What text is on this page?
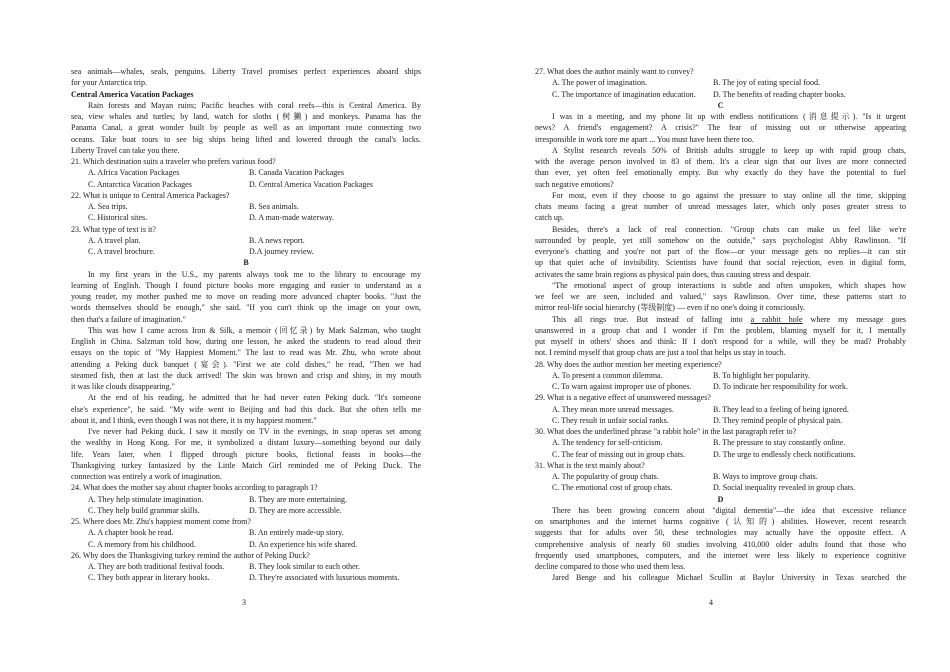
sea animals—whales, seals, penguins. Liberty Travel promises perfect experiences aboard ships
for your Antarctica trip.
Central America Vacation Packages
Rain forests and Mayan ruins; Pacific beaches with coral reefs—this is Central America. By
sea, view whales and turtles; by land, watch for sloths (树獭) and monkeys. Panama has the
Panama Canal, a great wonder built by people as well as an important route connecting two
oceans. Take boat tours to see big ships being lifted and lowered through the canal's locks.
Liberty Travel can take you there.
21. Which destination suits a traveler who prefers various food?
A. Africa Vacation Packages	B. Canada Vacation Packages
C. Antarctica Vacation Packages	D. Central America Vacation Packages
22. What is unique to Central America Packages?
A. Sea trips.	B. Sea animals.
C. Historical sites.	D. A man-made waterway.
23. What type of text is it?
A. A travel plan.	B. A news report.
C. A travel brochure.	D.A journey review.
B
In my first years in the U.S., my parents always took me to the library to encourage my
learning of English. Though I found picture books more engaging and easier to understand as a
young reader, my mother pushed me to move on reading more advanced chapter books. "Just the
words themselves should be enough," she said. "If you can't think up the image on your own,
then that's a failure of imagination."
This was how I came across Iron & Silk, a memoir (回忆录) by Mark Salzman, who taught
English in China. Salzman told how, during one lesson, he asked the students to read aloud their
essays on the topic of "My Happiest Moment." The last to read was Mr. Zhu, who wrote about
attending a Peking duck banquet (宴会). "First we ate cold dishes," he read, "Then we had
steamed fish, then at last the duck arrived! The skin was brown and crisp and shiny, in my mouth
it was like clouds disappearing."
At the end of his reading, he admitted that he had never eaten Peking duck. "It's someone
else's experience", he said. "My wife went to Beijing and had this duck. But she often tells me
about it, and I think, even though I was not there, it is my happiest moment."
I've never had Peking duck. I saw it mostly on TV in the evenings, in soap operas set among
the wealthy in Hong Kong. For me, it symbolized a distant luxury—something beyond our daily
life. Years later, when I flipped through picture books, fictional feasts in books—the
Thanksgiving turkey fantasized by the Little Match Girl reminded me of Peking Duck. The
connection was entirely a work of imagination.
24. What does the mother say about chapter books according to paragraph 1?
A. They help stimulate imagination.	B. They are more entertaining.
C. They help build grammar skills.	D. They are more accessible.
25. Where does Mr. Zhu's happiest moment come from?
A. A chapter book he read.	B. An entirely made-up story.
C. A memory from his childhood.	D. An experience his wife shared.
26. Why does the Thanksgiving turkey remind the author of Peking Duck?
A. They are both traditional festival foods.	B. They look similar to each other.
C. They both appear in literary books.	D. They're associated with luxurious moments.
3
27. What does the author mainly want to convey?
A. The power of imagination.	B. The joy of eating special food.
C. The importance of imagination education.	D. The benefits of reading chapter books.
C
I was in a meeting, and my phone lit up with endless notifications (消息提示). "Is it urgent
news? A friend's engagement? A crisis?" The fear of missing out or otherwise appearing
irresponsible in work tore me apart ... You must have been there too.
A Stylist research reveals 50% of British adults struggle to keep up with rapid group chats,
with the average person involved in 83 of them. It's a clear sign that our lives are more connected
than ever, yet often feel emotionally empty. But why exactly do they have the potential to fuel
such negative emotions?
For most, even if they choose to go against the pressure to stay online all the time, skipping
chats means facing a great number of unread messages later, which only poses greater stress to
catch up.
Besides, there's a lack of real connection. "Group chats can make us feel like we're
surrounded by people, yet still somehow on the outside," says psychologist Abby Rawlinson. "If
everyone's chatting and you're not part of the flow—or your message gets no replies—it can stir
up that quiet ache of invisibility. Scientists have found that social rejection, even in digital form,
activates the same brain regions as physical pain does, thus causing stress and despair.
"The emotional aspect of group interactions is subtle and often unspoken, which shapes how
we feel we are seen, included and valued," says Rawlinson. Over time, these patterns start to
mirror real-life social hierarchy (等级制度) — even if no one's doing it consciously.
This all rings true. But instead of falling into a rabbit hole where my message goes
unanswered in a group chat and I wonder if I'm the problem, blaming myself for it, I mentally
put myself in others' shoes and think: If I don't respond for a while, will they be mad? Probably
not. I remind myself that group chats are just a tool that helps us stay in touch.
28. Why does the author mention her meeting experience?
A. To present a common dilemma.	B. To highlight her popularity.
C. To warn against improper use of phones.	D. To indicate her responsibility for work.
29. What is a negative effect of unanswered messages?
A. They mean more unread messages.	B. They lead to a feeling of being ignored.
C. They result in unfair social ranks.	D. They remind people of physical pain.
30. What does the underlined phrase "a rabbit hole" in the last paragraph refer to?
A. The tendency for self-criticism.	B. The pressure to stay constantly online.
C. The fear of missing out in group chats.	D. The urge to endlessly check notifications.
31. What is the text mainly about?
A. The popularity of group chats.	B. Ways to improve group chats.
C. The emotional cost of group chats.	D. Social inequality revealed in group chats.
D
There has been growing concern about "digital dementia"—the idea that excessive reliance
on smartphones and the internet harms cognitive (认知的) abilities. However, recent research
suggests that for adults over 50, these technologies may actually have the opposite effect. A
comprehensive analysis of nearly 60 studies involving 410,000 older adults found that those who
frequently used smartphones, computers, and the internet were less likely to experience cognitive
decline compared to those who used them less.
Jared Benge and his colleague Michael Scullin at Baylor University in Texas searched the
4
